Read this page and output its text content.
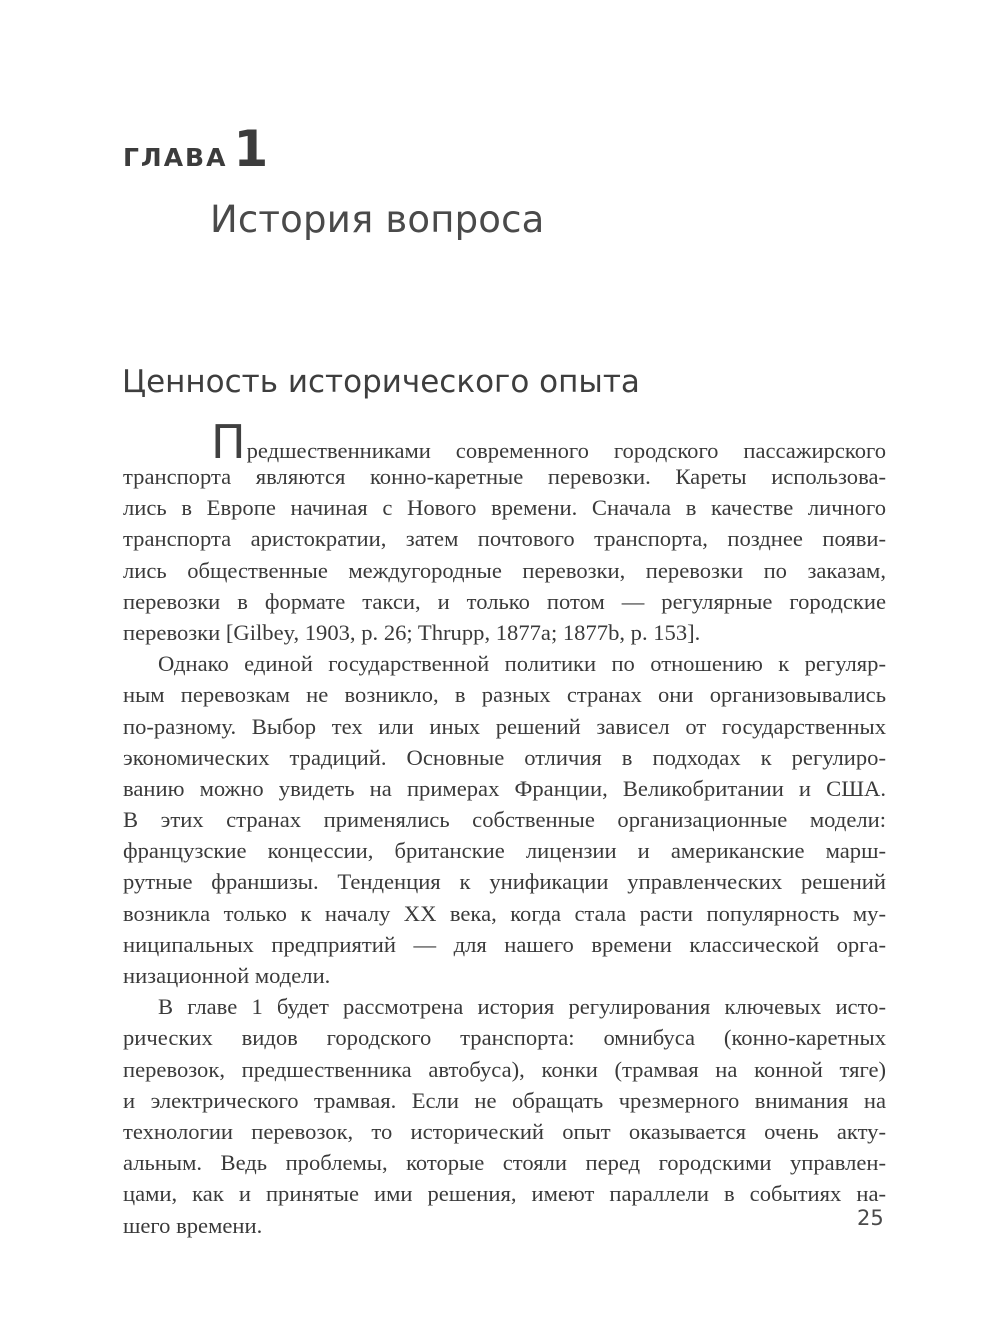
ГЛАВА 1
История вопроса
Ценность исторического опыта

Предшественниками современного городского пассажирского
транспорта являются конно-каретные перевозки. Кареты использова-
лись в Европе начиная с Нового времени. Сначала в качестве личного
транспорта аристократии, затем почтового транспорта, позднее появи-
лись общественные междугородные перевозки, перевозки по заказам,
перевозки в формате такси, и только потом — регулярные городские
перевозки [Gilbey, 1903, p. 26; Thrupp, 1877a; 1877b, p. 153].

Однако единой государственной политики по отношению к регуляр-
ным перевозкам не возникло, в разных странах они организовывались
по-разному. Выбор тех или иных решений зависел от государственных
экономических традиций. Основные отличия в подходах к регулиро-
ванию можно увидеть на примерах Франции, Великобритании и США.
В этих странах применялись собственные организационные модели:
французские концессии, британские лицензии и американские марш-
рутные франшизы. Тенденция к унификации управленческих решений
возникла только к началу XX века, когда стала расти популярность му-
ниципальных предприятий — для нашего времени классической орга-
низационной модели.

В главе 1 будет рассмотрена история регулирования ключевых исто-
рических видов городского транспорта: омнибуса (конно-каретных
перевозок, предшественника автобуса), конки (трамвая на конной тяге)
и электрического трамвая. Если не обращать чрезмерного внимания на
технологии перевозок, то исторический опыт оказывается очень акту-
альным. Ведь проблемы, которые стояли перед городскими управлен-
цами, как и принятые ими решения, имеют параллели в событиях на-
шего времени.	25
